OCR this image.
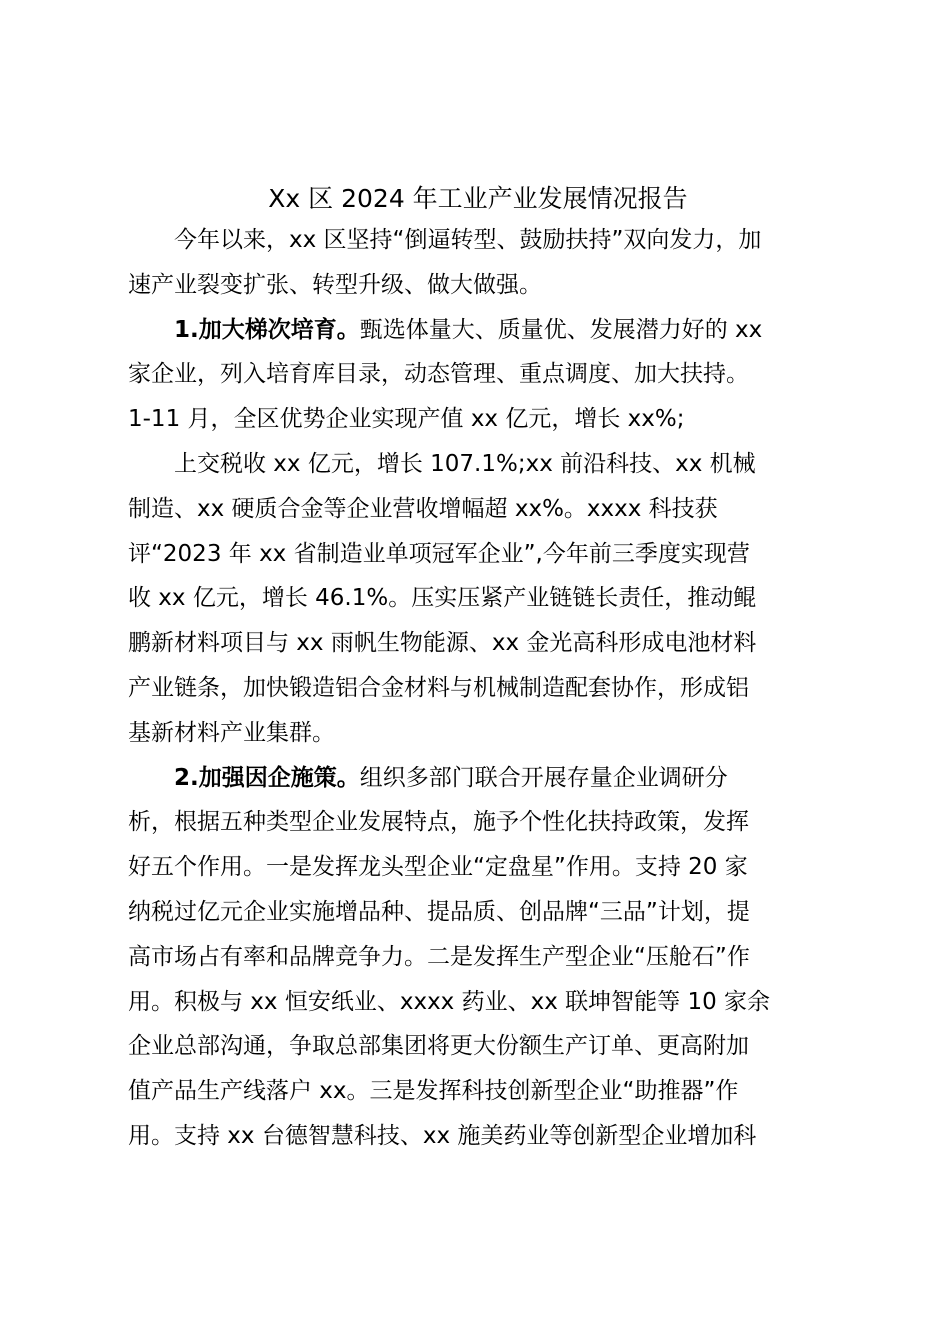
Xx 区 2024 年工业产业发展情况报告
今年以来，xx 区坚持“倒逼转型、鼓励扶持”双向发力，加
速产业裂变扩张、转型升级、做大做强。
1.加大梯次培育。甄选体量大、质量优、发展潜力好的 xx
家企业，列入培育库目录，动态管理、重点调度、加大扶持。
1-11 月，全区优势企业实现产值 xx 亿元，增长 xx%;
上交税收 xx 亿元，增长 107.1%;xx 前沿科技、xx 机械
制造、xx 硬质合金等企业营收增幅超 xx%。xxxx 科技获
评“2023 年 xx 省制造业单项冠军企业”,今年前三季度实现营
收 xx 亿元，增长 46.1%。压实压紧产业链链长责任，推动鲲
鹏新材料项目与 xx 雨帆生物能源、xx 金光高科形成电池材料
产业链条，加快锻造铝合金材料与机械制造配套协作，形成铝
基新材料产业集群。
2.加强因企施策。组织多部门联合开展存量企业调研分
析，根据五种类型企业发展特点，施予个性化扶持政策，发挥
好五个作用。一是发挥龙头型企业“定盘星”作用。支持 20 家
纳税过亿元企业实施增品种、提品质、创品牌“三品”计划，提
高市场占有率和品牌竞争力。二是发挥生产型企业“压舱石”作
用。积极与 xx 恒安纸业、xxxx 药业、xx 联坤智能等 10 家余
企业总部沟通，争取总部集团将更大份额生产订单、更高附加
值产品生产线落户 xx。三是发挥科技创新型企业“助推器”作
用。支持 xx 台德智慧科技、xx 施美药业等创新型企业增加科
